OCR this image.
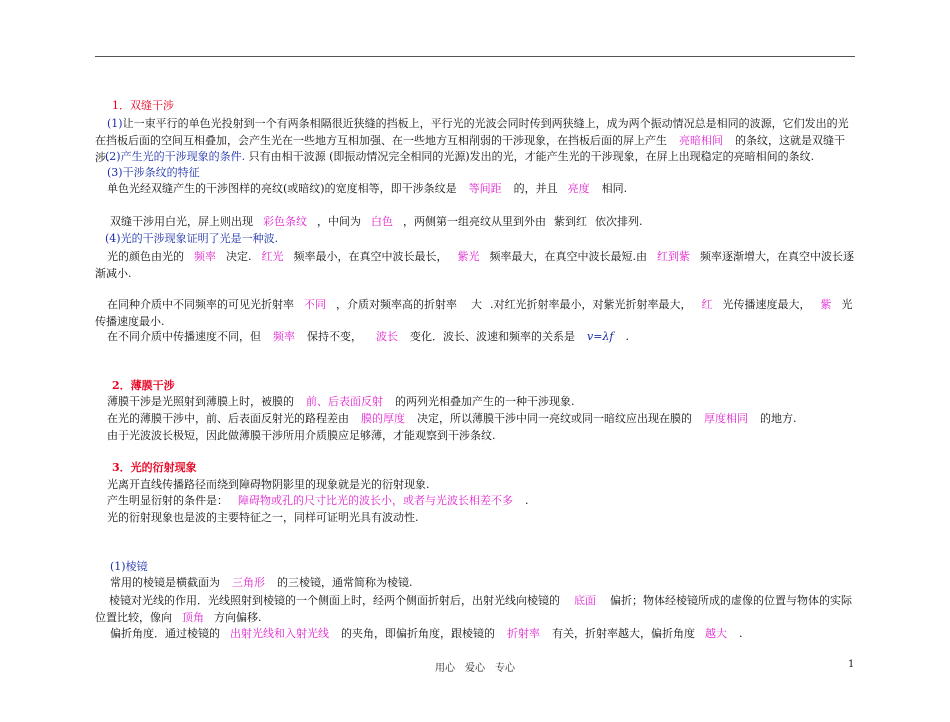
1．双缝干涉
(1)让一束平行的单色光投射到一个有两条相隔很近狭缝的挡板上，平行光的光波会同时传到两狭缝上，成为两个振动情况总是相同的波源，它们发出的光在挡板后面的空间互相叠加，会产生光在一些地方互相加强、在一些地方互相削弱的干涉现象，在挡板后面的屏上产生 亮暗相间 的条纹，这就是双缝干涉.
(2)产生光的干涉现象的条件. 只有由相干波源 (即振动情况完全相同的光源)发出的光，才能产生光的干涉现象，在屏上出现稳定的亮暗相间的条纹.
(3)干涉条纹的特征
单色光经双缝产生的干涉图样的亮纹(或暗纹)的宽度相等，即干涉条纹是 等间距 的，并且 亮度 相同.
双缝干涉用白光，屏上则出现 彩色条纹 ，中间为 白色 ，两侧第一组亮纹从里到外由 紫到红 依次排列.
(4)光的干涉现象证明了光是一种波.
光的颜色由光的 频率 决定. 红光 频率最小，在真空中波长最长， 紫光 频率最大，在真空中波长最短.由 红到紫 频率逐渐增大，在真空中波长逐渐减小.
在同种介质中不同频率的可见光折射率 不同 ，介质对频率高的折射率 大 .对红光折射率最小，对紫光折射率最大， 红 光传播速度最大， 紫 光传播速度最小.
在不同介质中传播速度不同，但 频率 保持不变， 波长 变化．波长、波速和频率的关系是 v=λf .
2．薄膜干涉
薄膜干涉是光照射到薄膜上时，被膜的 前、后表面反射 的两列光相叠加产生的一种干涉现象.
在光的薄膜干涉中，前、后表面反射光的路程差由 膜的厚度 决定，所以薄膜干涉中同一亮纹或同一暗纹应出现在膜的 厚度相同 的地方.
由于光波波长极短，因此做薄膜干涉所用介质膜应足够薄，才能观察到干涉条纹.
3．光的衍射现象
光离开直线传播路径而绕到障碍物阴影里的现象就是光的衍射现象.
产生明显衍射的条件是： 障碍物或孔的尺寸比光的波长小，或者与光波长相差不多 .
光的衍射现象也是波的主要特征之一，同样可证明光具有波动性.
(1)棱镜
常用的棱镜是横截面为 三角形 的三棱镜，通常简称为棱镜.
棱镜对光线的作用．光线照射到棱镜的一个侧面上时，经两个侧面折射后，出射光线向棱镜的 底面 偏折；物体经棱镜所成的虚像的位置与物体的实际位置比较，像向 顶角 方向偏移.
偏折角度．通过棱镜的 出射光线和入射光线 的夹角，即偏折角度，跟棱镜的 折射率 有关，折射率越大，偏折角度 越大 .
用心　爱心　专心	1
